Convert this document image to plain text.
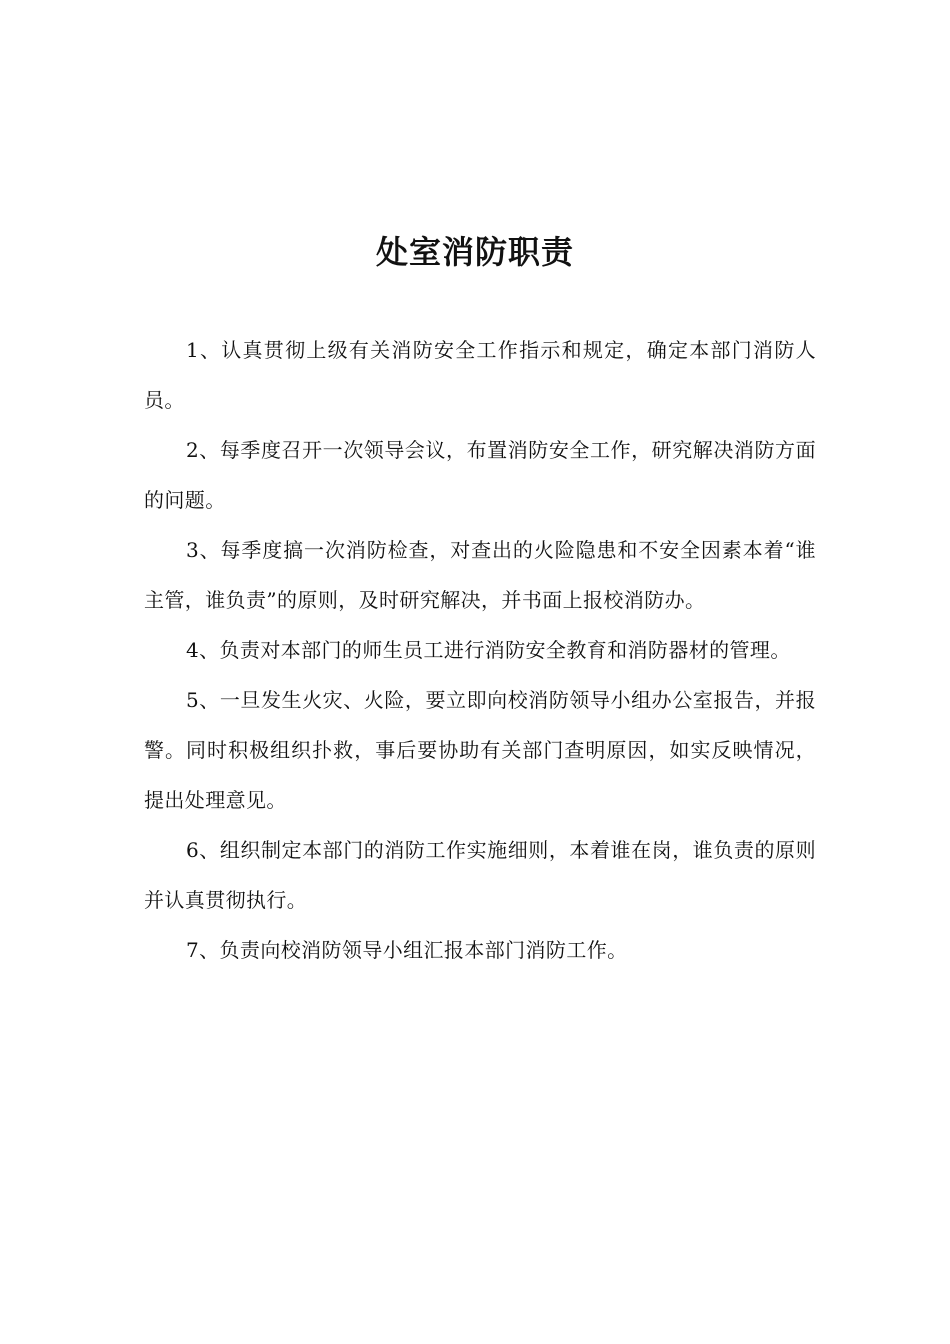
处室消防职责

1、认真贯彻上级有关消防安全工作指示和规定，确定本部门消防人员。

2、每季度召开一次领导会议，布置消防安全工作，研究解决消防方面的问题。

3、每季度搞一次消防检查，对查出的火险隐患和不安全因素本着“谁主管，谁负责”的原则，及时研究解决，并书面上报校消防办。

4、负责对本部门的师生员工进行消防安全教育和消防器材的管理。

5、一旦发生火灾、火险，要立即向校消防领导小组办公室报告，并报警。同时积极组织扑救，事后要协助有关部门查明原因，如实反映情况，提出处理意见。

6、组织制定本部门的消防工作实施细则，本着谁在岗，谁负责的原则并认真贯彻执行。

7、负责向校消防领导小组汇报本部门消防工作。
